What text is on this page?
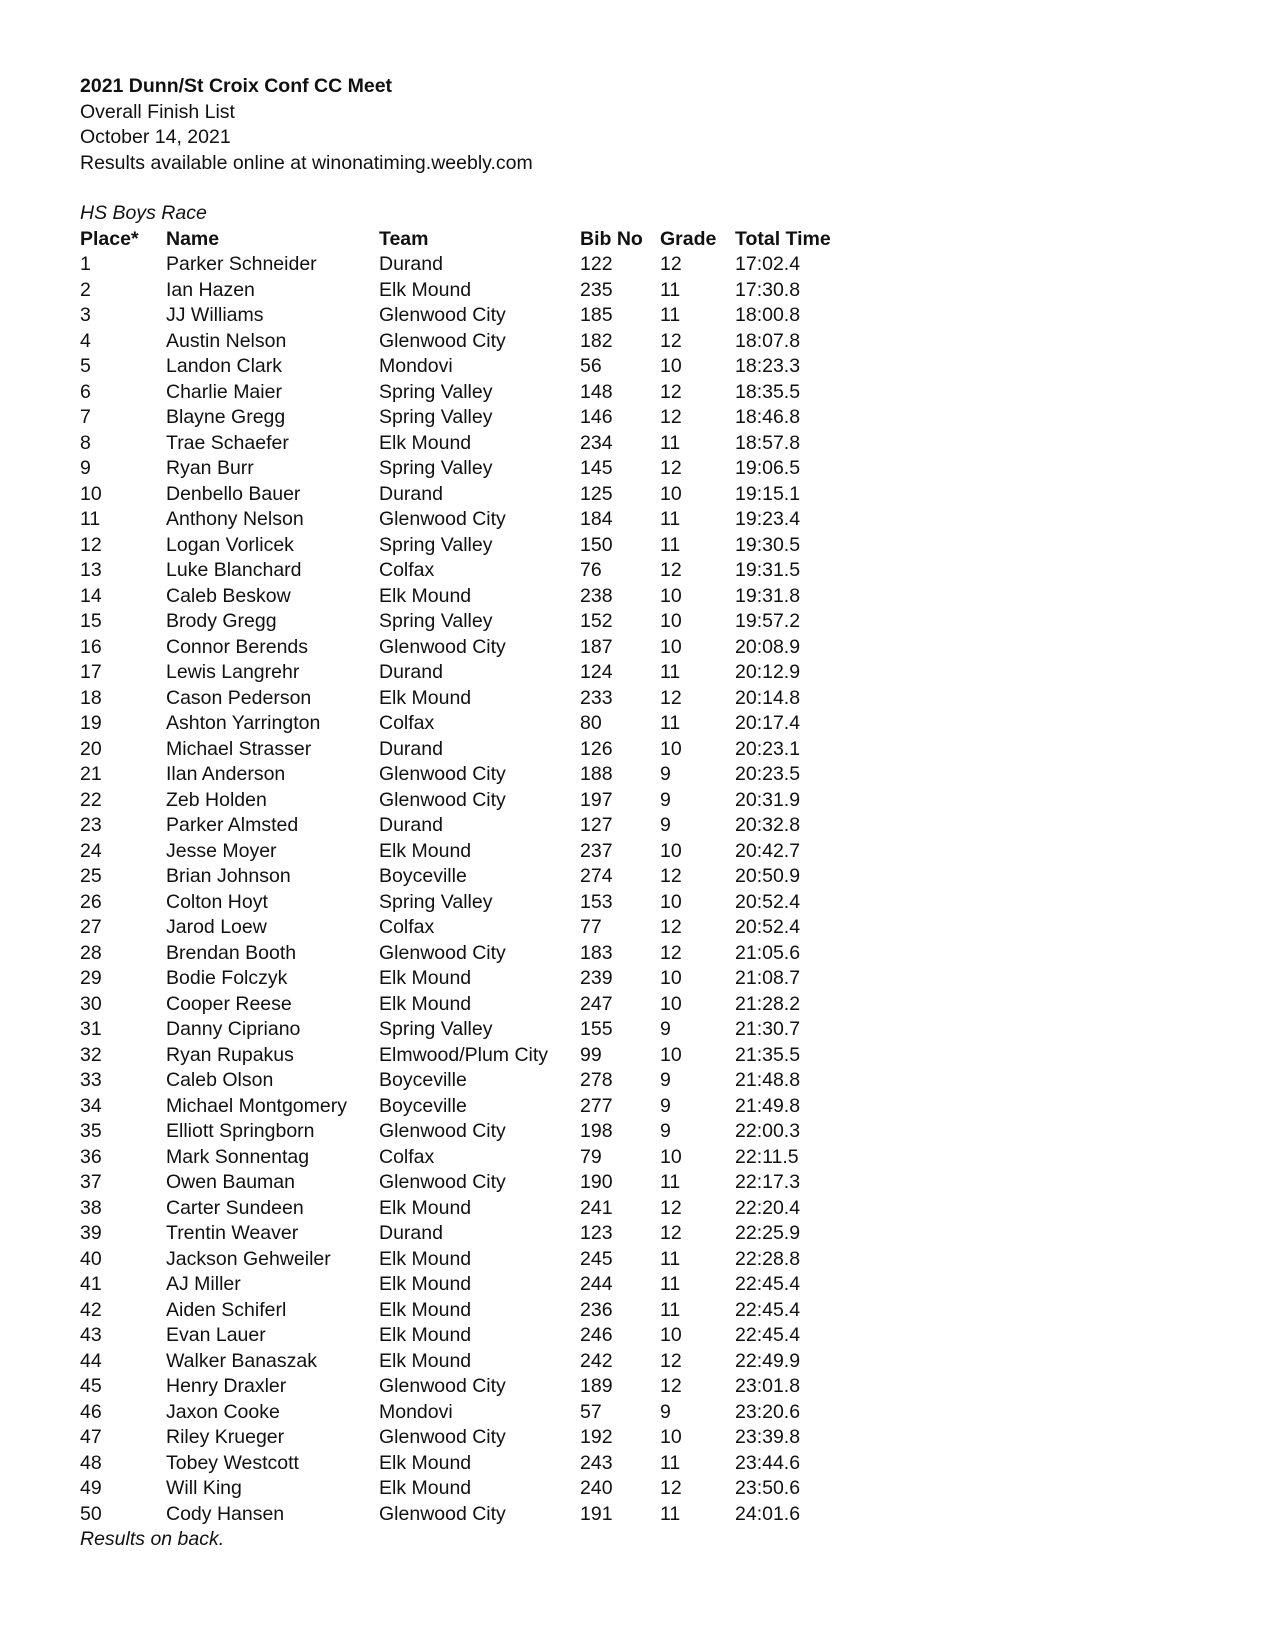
2021 Dunn/St Croix Conf CC Meet
Overall Finish List
October 14, 2021
Results available online at winonatiming.weebly.com
HS Boys Race
Place*	Name	Team	Bib No	Grade	Total Time
1	Parker Schneider	Durand	122	12	17:02.4
2	Ian Hazen	Elk Mound	235	11	17:30.8
3	JJ Williams	Glenwood City	185	11	18:00.8
4	Austin Nelson	Glenwood City	182	12	18:07.8
5	Landon Clark	Mondovi	56	10	18:23.3
6	Charlie Maier	Spring Valley	148	12	18:35.5
7	Blayne Gregg	Spring Valley	146	12	18:46.8
8	Trae Schaefer	Elk Mound	234	11	18:57.8
9	Ryan Burr	Spring Valley	145	12	19:06.5
10	Denbello Bauer	Durand	125	10	19:15.1
11	Anthony Nelson	Glenwood City	184	11	19:23.4
12	Logan Vorlicek	Spring Valley	150	11	19:30.5
13	Luke Blanchard	Colfax	76	12	19:31.5
14	Caleb Beskow	Elk Mound	238	10	19:31.8
15	Brody Gregg	Spring Valley	152	10	19:57.2
16	Connor Berends	Glenwood City	187	10	20:08.9
17	Lewis Langrehr	Durand	124	11	20:12.9
18	Cason Pederson	Elk Mound	233	12	20:14.8
19	Ashton Yarrington	Colfax	80	11	20:17.4
20	Michael Strasser	Durand	126	10	20:23.1
21	Ilan Anderson	Glenwood City	188	9	20:23.5
22	Zeb Holden	Glenwood City	197	9	20:31.9
23	Parker Almsted	Durand	127	9	20:32.8
24	Jesse Moyer	Elk Mound	237	10	20:42.7
25	Brian Johnson	Boyceville	274	12	20:50.9
26	Colton Hoyt	Spring Valley	153	10	20:52.4
27	Jarod Loew	Colfax	77	12	20:52.4
28	Brendan Booth	Glenwood City	183	12	21:05.6
29	Bodie Folczyk	Elk Mound	239	10	21:08.7
30	Cooper Reese	Elk Mound	247	10	21:28.2
31	Danny Cipriano	Spring Valley	155	9	21:30.7
32	Ryan Rupakus	Elmwood/Plum City	99	10	21:35.5
33	Caleb Olson	Boyceville	278	9	21:48.8
34	Michael Montgomery	Boyceville	277	9	21:49.8
35	Elliott Springborn	Glenwood City	198	9	22:00.3
36	Mark Sonnentag	Colfax	79	10	22:11.5
37	Owen Bauman	Glenwood City	190	11	22:17.3
38	Carter Sundeen	Elk Mound	241	12	22:20.4
39	Trentin Weaver	Durand	123	12	22:25.9
40	Jackson Gehweiler	Elk Mound	245	11	22:28.8
41	AJ Miller	Elk Mound	244	11	22:45.4
42	Aiden Schiferl	Elk Mound	236	11	22:45.4
43	Evan Lauer	Elk Mound	246	10	22:45.4
44	Walker Banaszak	Elk Mound	242	12	22:49.9
45	Henry Draxler	Glenwood City	189	12	23:01.8
46	Jaxon Cooke	Mondovi	57	9	23:20.6
47	Riley Krueger	Glenwood City	192	10	23:39.8
48	Tobey Westcott	Elk Mound	243	11	23:44.6
49	Will King	Elk Mound	240	12	23:50.6
50	Cody Hansen	Glenwood City	191	11	24:01.6
Results on back.
